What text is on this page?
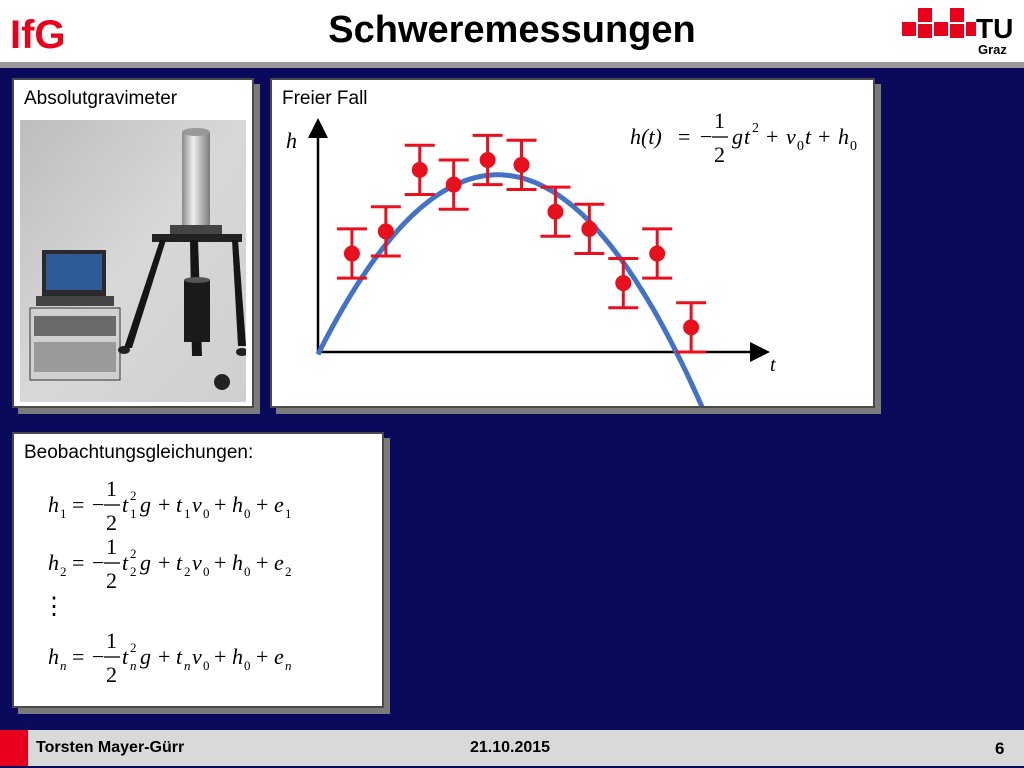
IfG	Schweremessungen	TU
Graz
Absolutgravimeter	Freier Fall
h
t
h(t) = −
1
2
g t 2 + v 0 t + h 0
Beobachtungsgleichungen:
h 1 = −
1
2
t 2
1 g + t 1 v 0 + h 0 + e 1
h 2 = −
1
2
t 2
2 g + t 2 v 0 + h 0 + e 2
⋮
h n = −
1
2
t 2
n g + t n v 0 + h 0 + e n
Torsten Mayer-Gürr	21.10.2015	6
